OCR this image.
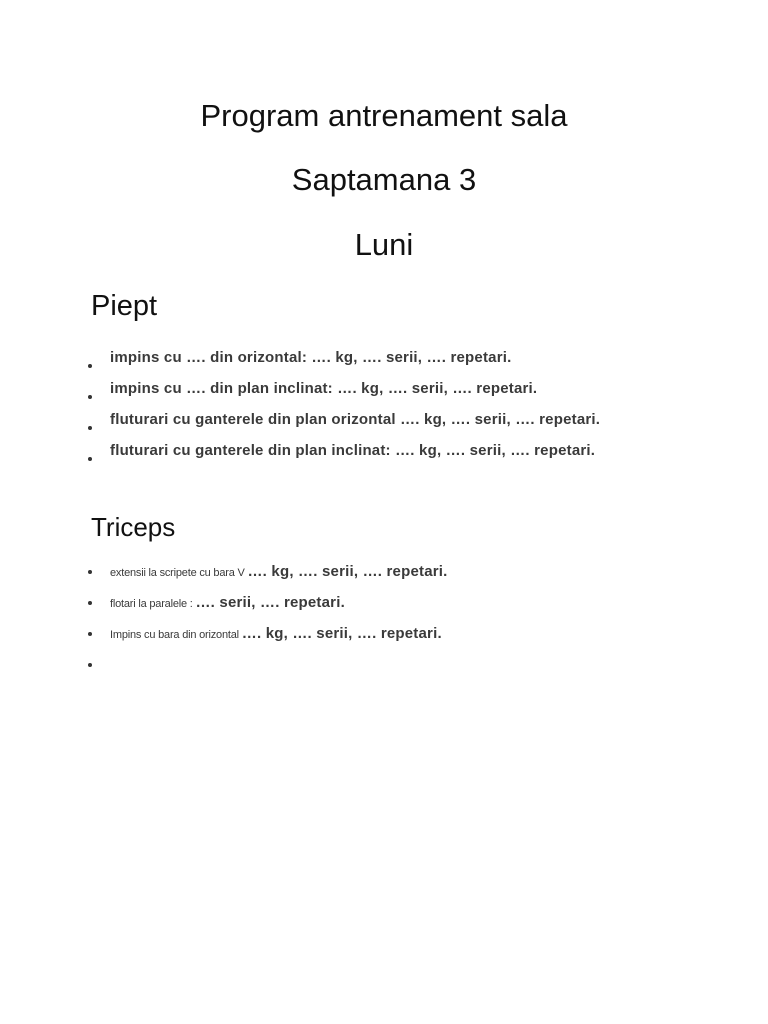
Program antrenament sala
Saptamana 3
Luni
Piept
impins cu …. din orizontal: …. kg, …. serii, …. repetari.
impins cu …. din plan inclinat: …. kg, …. serii, …. repetari.
fluturari cu ganterele din plan orizontal …. kg, …. serii, …. repetari.
fluturari cu ganterele din plan inclinat: …. kg, …. serii, …. repetari.
Triceps
extensii la scripete cu bara V …. kg, …. serii, …. repetari.
flotari la paralele : …. serii, …. repetari.
Impins cu bara din orizontal …. kg, …. serii, …. repetari.
